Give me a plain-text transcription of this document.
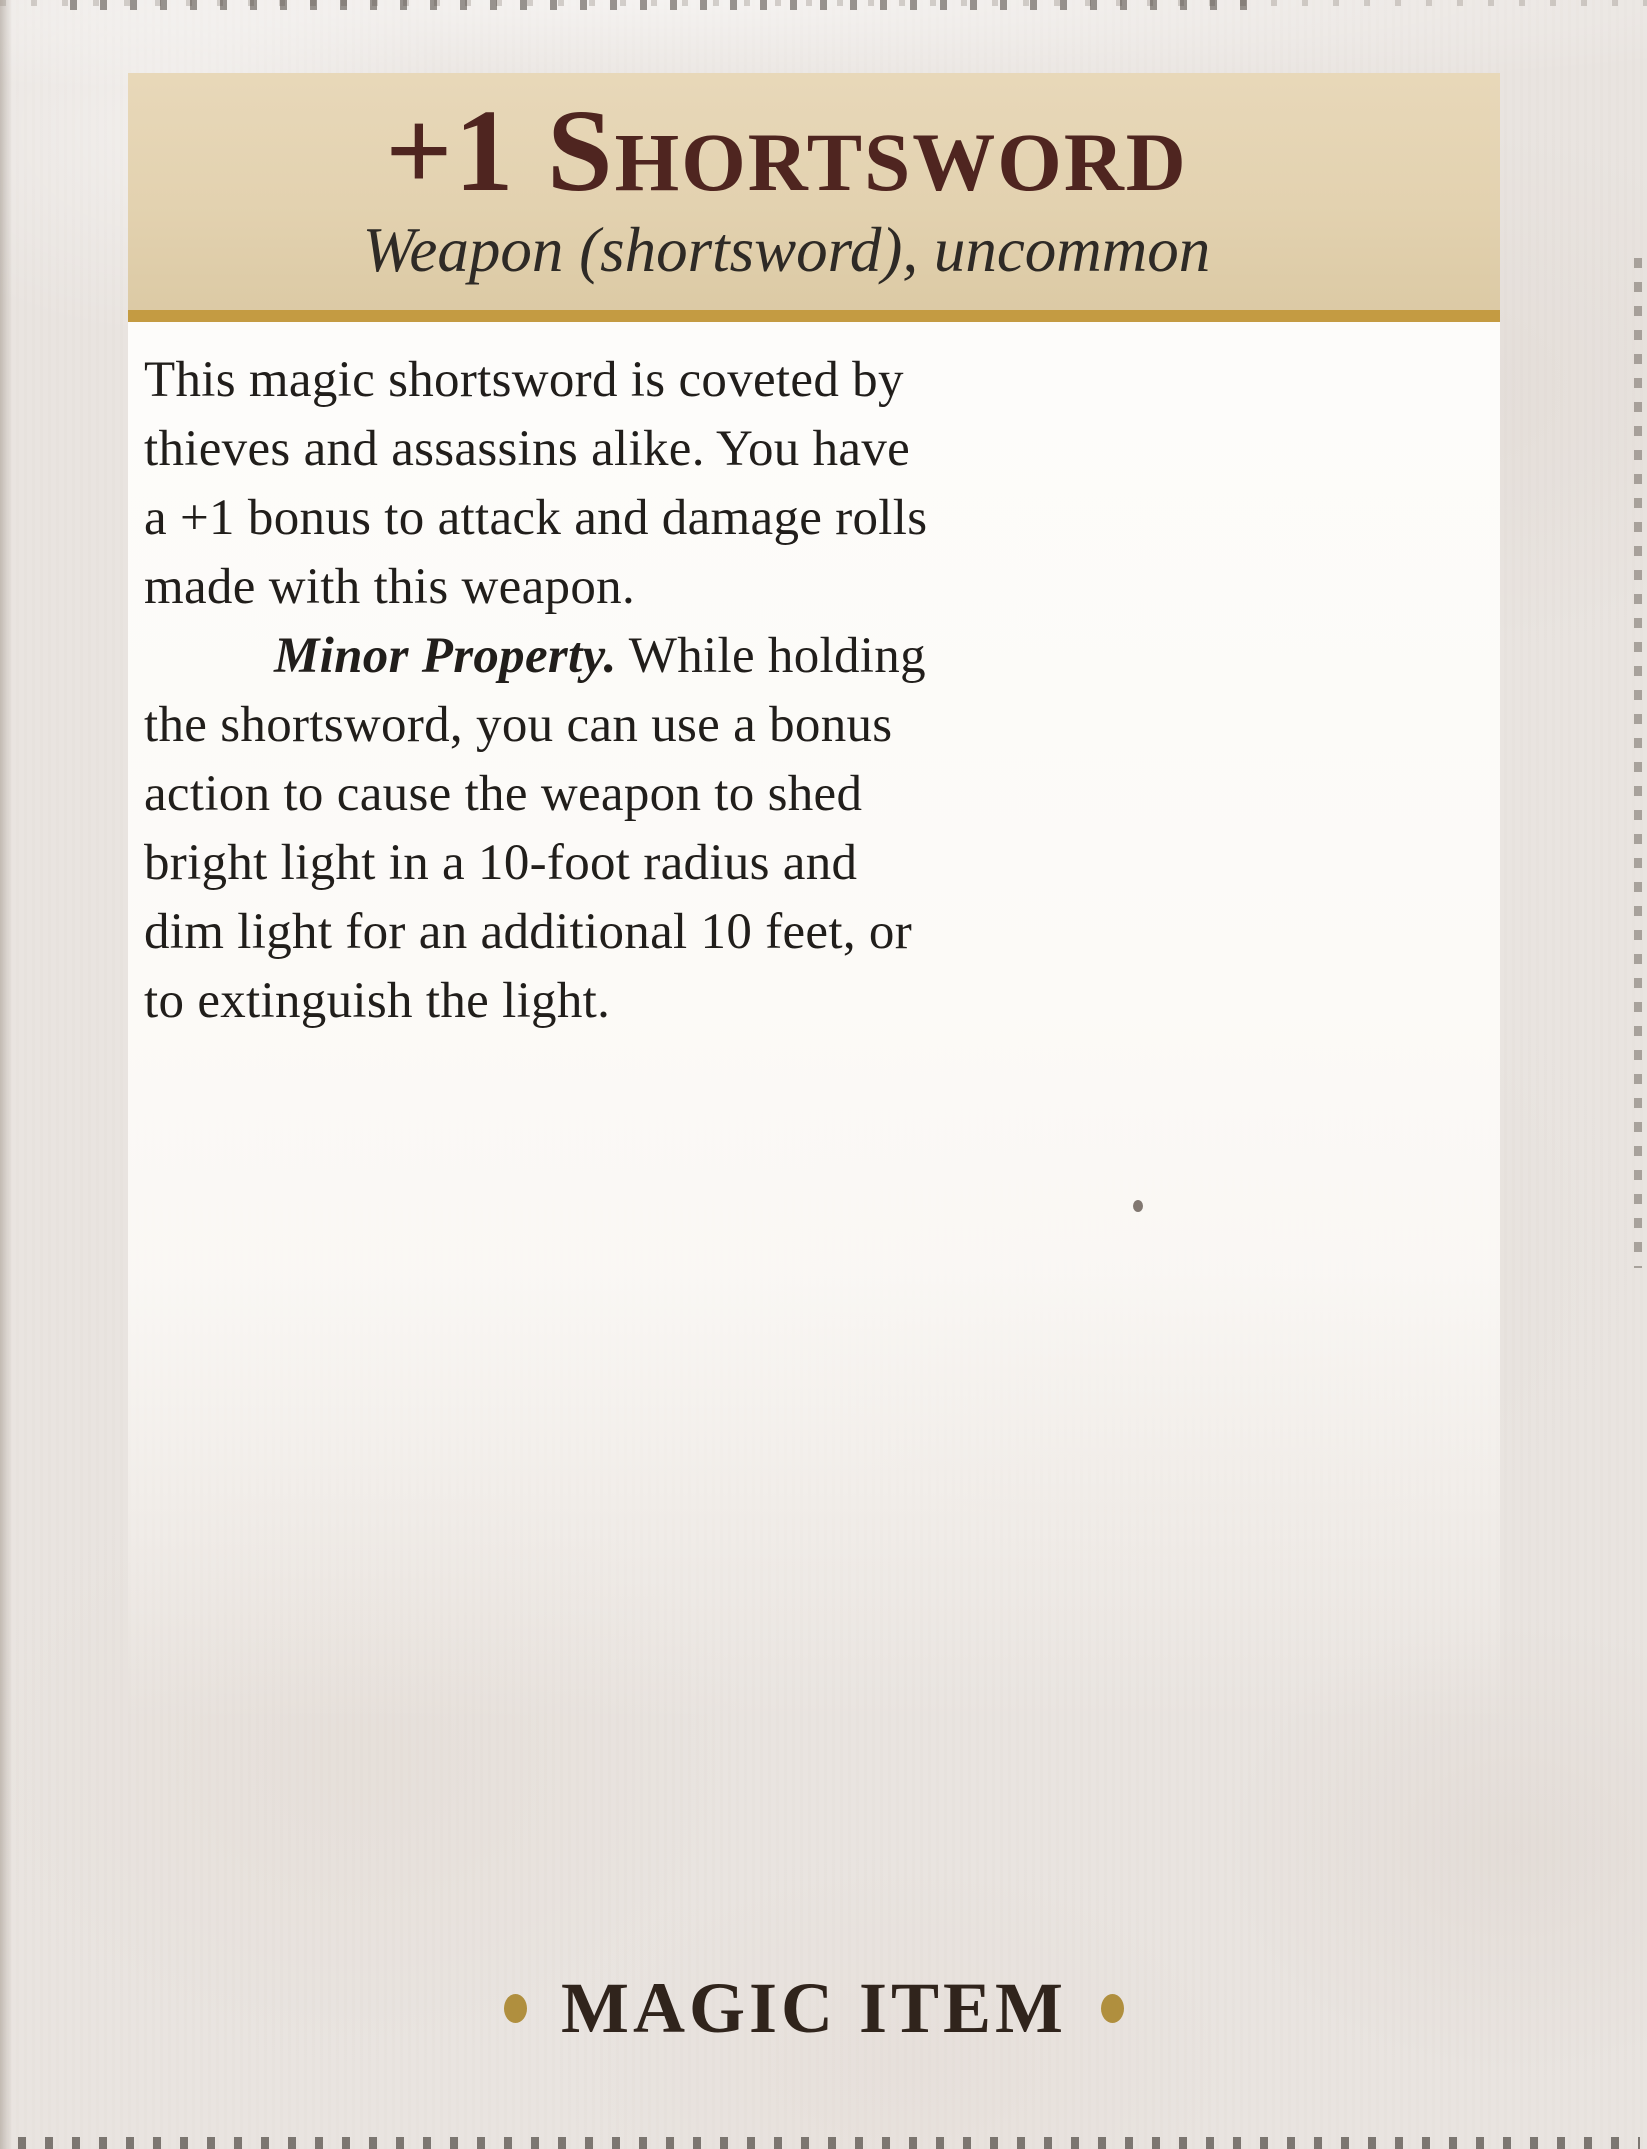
+1 Shortsword
Weapon (shortsword), uncommon

This magic shortsword is coveted by

thieves and assassins alike. You have

a +1 bonus to attack and damage rolls

made with this weapon.

Minor Property. While holding

the shortsword, you can use a bonus

action to cause the weapon to shed

bright light in a 10-foot radius and

dim light for an additional 10 feet, or

to extinguish the light.

MAGIC ITEM
